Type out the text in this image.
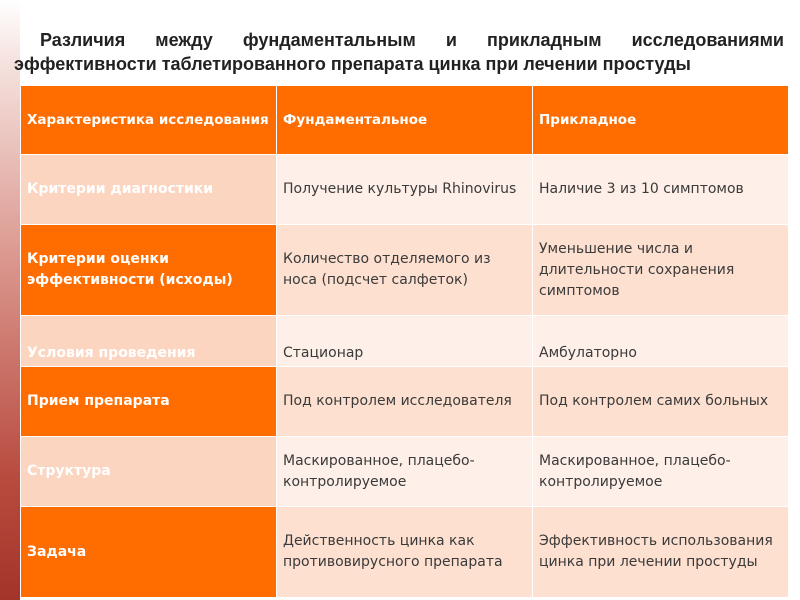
Различия между фундаментальным и прикладным исследованиями
эффективности таблетированного препарата цинка при лечении простуды
Характеристика исследования	Фундаментальное	Прикладное
Критерии диагностики	Получение культуры Rhinovirus	Наличие 3 из 10 симптомов
Критерии оценки эффективности (исходы)	Количество отделяемого из носа (подсчет салфеток)	Уменьшение числа и длительности сохранения симптомов
Условия проведения	Стационар	Амбулаторно
Прием препарата	Под контролем исследователя	Под контролем самих больных
Структура	Маскированное, плацебо-контролируемое	Маскированное, плацебо-контролируемое
Задача	Действенность цинка как противовирусного препарата	Эффективность использования цинка при лечении простуды
